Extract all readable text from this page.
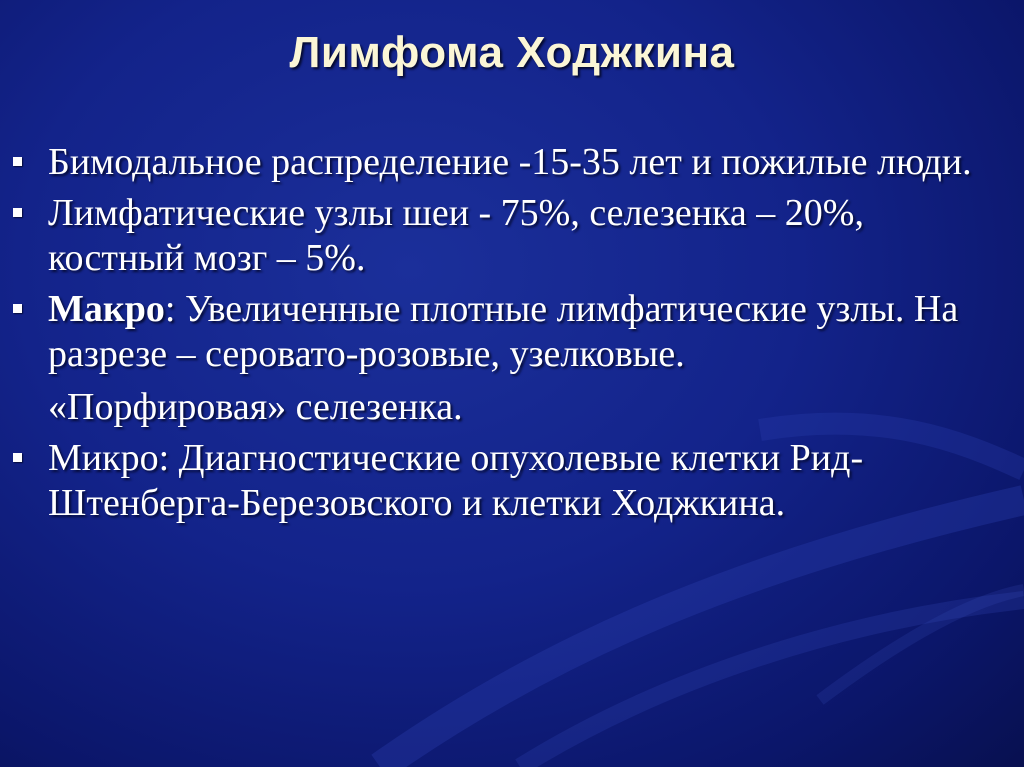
Лимфома Ходжкина
Бимодальное распределение -15-35 лет и пожилые люди.
Лимфатические узлы шеи - 75%, селезенка – 20%, костный мозг – 5%.
Макро: Увеличенные плотные лимфатические узлы. На разрезе – серовато-розовые, узелковые.
«Порфировая» селезенка.
Микро: Диагностические опухолевые клетки Рид-Штенберга-Березовского и клетки Ходжкина.
